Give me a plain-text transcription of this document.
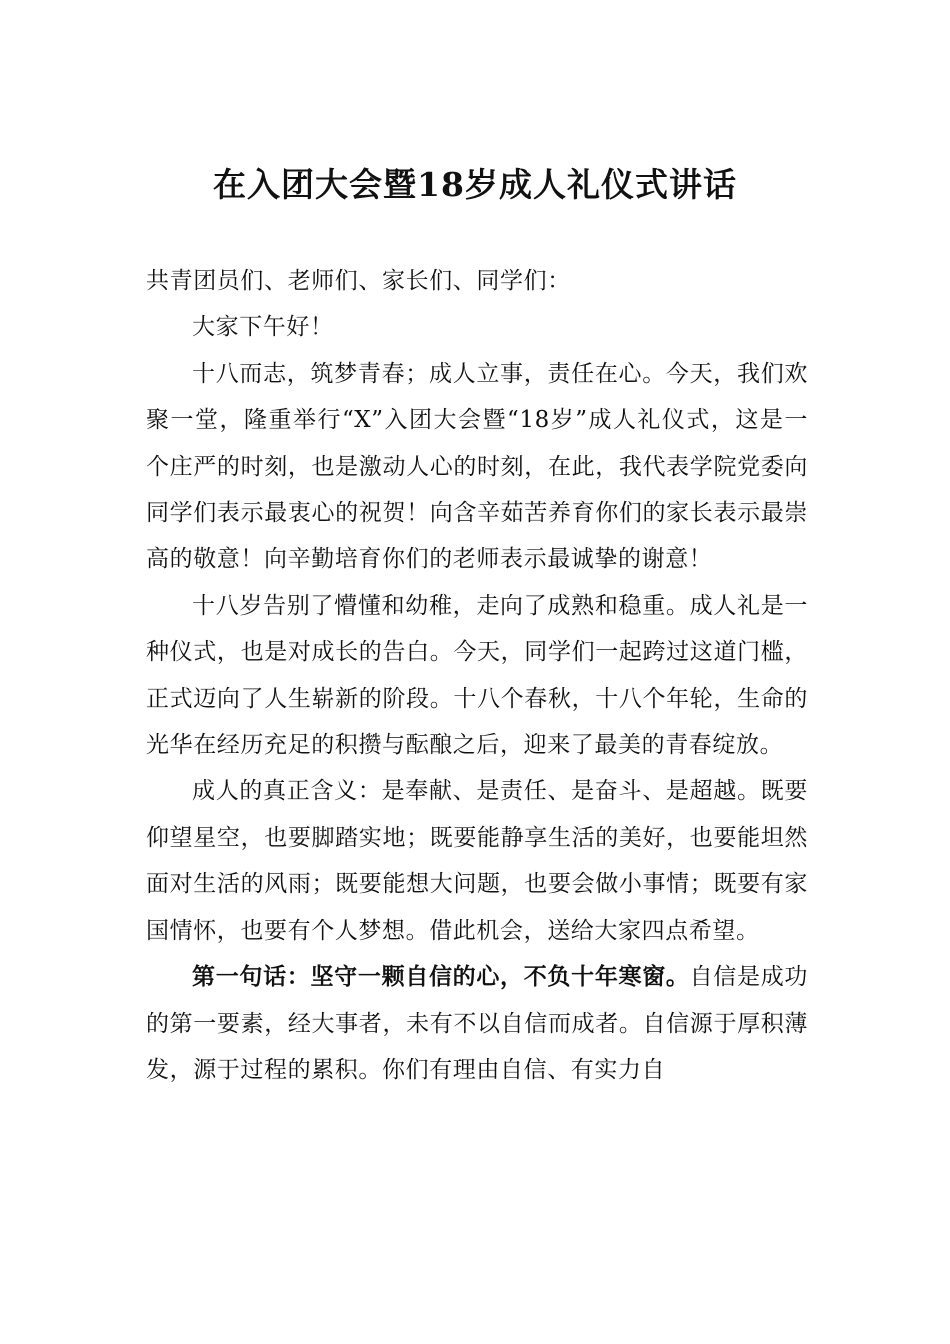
在入团大会暨18岁成人礼仪式讲话

共青团员们、老师们、家长们、同学们：

大家下午好！

十八而志，筑梦青春；成人立事，责任在心。今天，我们欢聚一堂，隆重举行“X”入团大会暨“18岁”成人礼仪式，这是一个庄严的时刻，也是激动人心的时刻，在此，我代表学院党委向同学们表示最衷心的祝贺！向含辛茹苦养育你们的家长表示最崇高的敬意！向辛勤培育你们的老师表示最诚挚的谢意！

十八岁告别了懵懂和幼稚，走向了成熟和稳重。成人礼是一种仪式，也是对成长的告白。今天，同学们一起跨过这道门槛，正式迈向了人生崭新的阶段。十八个春秋，十八个年轮，生命的光华在经历充足的积攒与酝酿之后，迎来了最美的青春绽放。

成人的真正含义：是奉献、是责任、是奋斗、是超越。既要仰望星空，也要脚踏实地；既要能静享生活的美好，也要能坦然面对生活的风雨；既要能想大问题，也要会做小事情；既要有家国情怀，也要有个人梦想。借此机会，送给大家四点希望。

第一句话：坚守一颗自信的心，不负十年寒窗。自信是成功的第一要素，经大事者，未有不以自信而成者。自信源于厚积薄发，源于过程的累积。你们有理由自信、有实力自
